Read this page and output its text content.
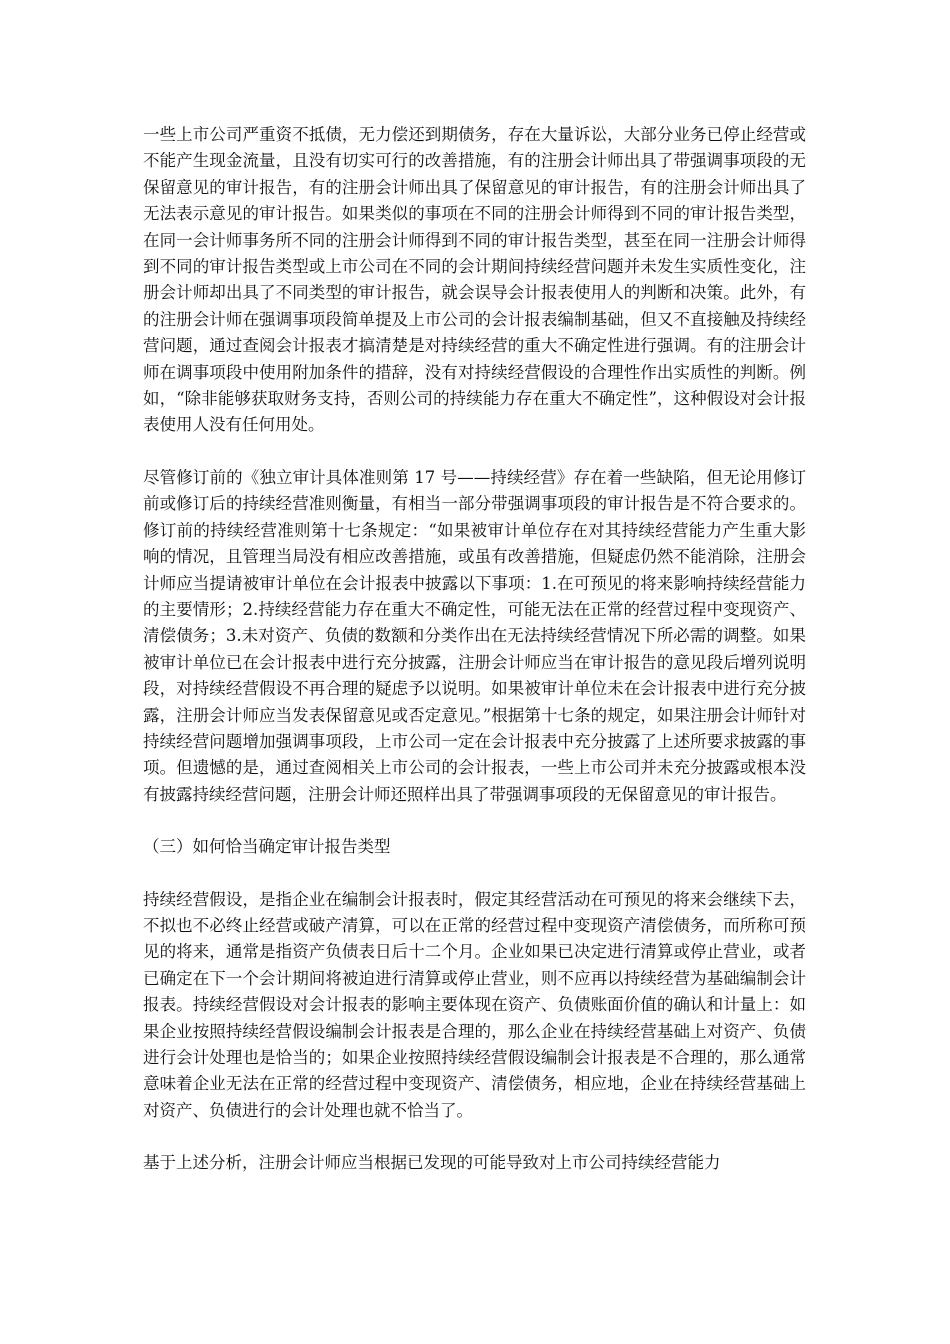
一些上市公司严重资不抵债，无力偿还到期债务，存在大量诉讼，大部分业务已停止经营或不能产生现金流量，且没有切实可行的改善措施，有的注册会计师出具了带强调事项段的无保留意见的审计报告，有的注册会计师出具了保留意见的审计报告，有的注册会计师出具了无法表示意见的审计报告。如果类似的事项在不同的注册会计师得到不同的审计报告类型，在同一会计师事务所不同的注册会计师得到不同的审计报告类型，甚至在同一注册会计师得到不同的审计报告类型或上市公司在不同的会计期间持续经营问题并未发生实质性变化，注册会计师却出具了不同类型的审计报告，就会误导会计报表使用人的判断和决策。此外，有的注册会计师在强调事项段简单提及上市公司的会计报表编制基础，但又不直接触及持续经营问题，通过查阅会计报表才搞清楚是对持续经营的重大不确定性进行强调。有的注册会计师在调事项段中使用附加条件的措辞，没有对持续经营假设的合理性作出实质性的判断。例如，“除非能够获取财务支持，否则公司的持续能力存在重大不确定性”，这种假设对会计报表使用人没有任何用处。

尽管修订前的《独立审计具体准则第 17 号——持续经营》存在着一些缺陷，但无论用修订前或修订后的持续经营准则衡量，有相当一部分带强调事项段的审计报告是不符合要求的。修订前的持续经营准则第十七条规定：“如果被审计单位存在对其持续经营能力产生重大影响的情况，且管理当局没有相应改善措施，或虽有改善措施，但疑虑仍然不能消除，注册会计师应当提请被审计单位在会计报表中披露以下事项：1.在可预见的将来影响持续经营能力的主要情形；2.持续经营能力存在重大不确定性，可能无法在正常的经营过程中变现资产、清偿债务；3.未对资产、负债的数额和分类作出在无法持续经营情况下所必需的调整。如果被审计单位已在会计报表中进行充分披露，注册会计师应当在审计报告的意见段后增列说明段，对持续经营假设不再合理的疑虑予以说明。如果被审计单位未在会计报表中进行充分披露，注册会计师应当发表保留意见或否定意见。”根据第十七条的规定，如果注册会计师针对持续经营问题增加强调事项段，上市公司一定在会计报表中充分披露了上述所要求披露的事项。但遗憾的是，通过查阅相关上市公司的会计报表，一些上市公司并未充分披露或根本没有披露持续经营问题，注册会计师还照样出具了带强调事项段的无保留意见的审计报告。

（三）如何恰当确定审计报告类型

持续经营假设，是指企业在编制会计报表时，假定其经营活动在可预见的将来会继续下去，不拟也不必终止经营或破产清算，可以在正常的经营过程中变现资产清偿债务，而所称可预见的将来，通常是指资产负债表日后十二个月。企业如果已决定进行清算或停止营业，或者已确定在下一个会计期间将被迫进行清算或停止营业，则不应再以持续经营为基础编制会计报表。持续经营假设对会计报表的影响主要体现在资产、负债账面价值的确认和计量上：如果企业按照持续经营假设编制会计报表是合理的，那么企业在持续经营基础上对资产、负债进行会计处理也是恰当的；如果企业按照持续经营假设编制会计报表是不合理的，那么通常意味着企业无法在正常的经营过程中变现资产、清偿债务，相应地，企业在持续经营基础上对资产、负债进行的会计处理也就不恰当了。

基于上述分析，注册会计师应当根据已发现的可能导致对上市公司持续经营能力
